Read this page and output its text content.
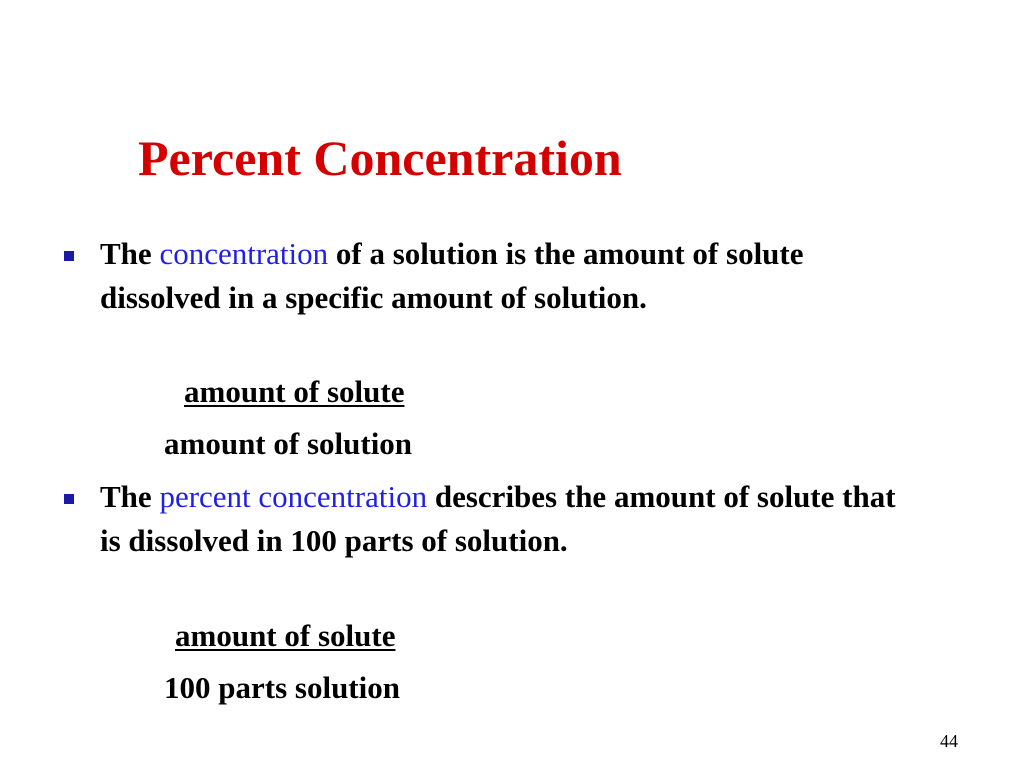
Percent Concentration
The concentration of a solution is the amount of solute dissolved in a specific amount of solution.
amount of solute
amount of solution
The percent concentration describes the amount of solute that is dissolved in 100 parts of solution.
amount of solute
100 parts solution
44
